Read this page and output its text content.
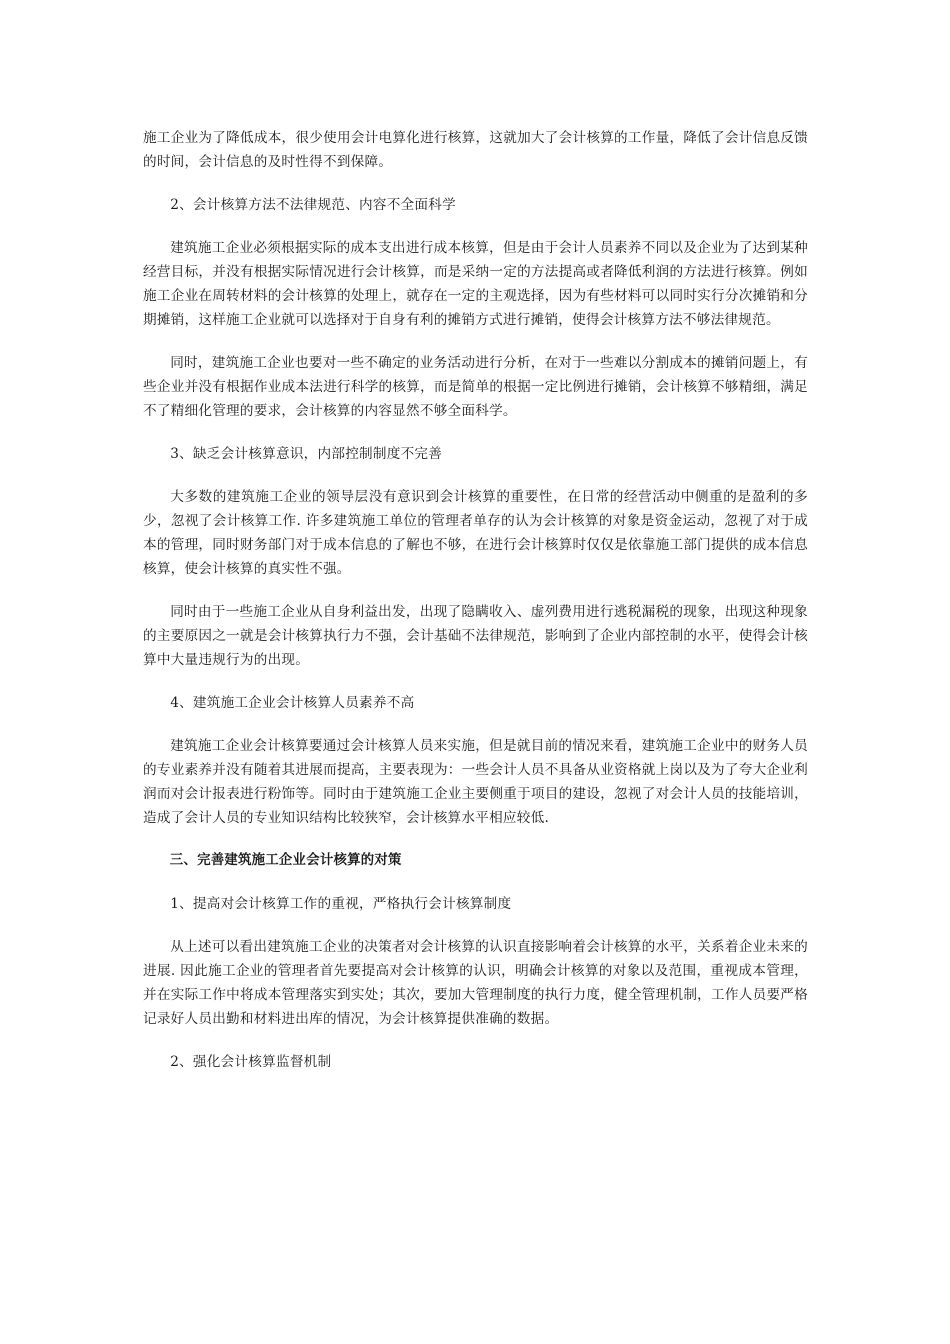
施工企业为了降低成本，很少使用会计电算化进行核算，这就加大了会计核算的工作量，降低了会计信息反馈的时间，会计信息的及时性得不到保障。

2、会计核算方法不法律规范、内容不全面科学

建筑施工企业必须根据实际的成本支出进行成本核算，但是由于会计人员素养不同以及企业为了达到某种经营目标，并没有根据实际情况进行会计核算，而是采纳一定的方法提高或者降低利润的方法进行核算。例如施工企业在周转材料的会计核算的处理上，就存在一定的主观选择，因为有些材料可以同时实行分次摊销和分期摊销，这样施工企业就可以选择对于自身有利的摊销方式进行摊销，使得会计核算方法不够法律规范。

同时，建筑施工企业也要对一些不确定的业务活动进行分析，在对于一些难以分割成本的摊销问题上，有些企业并没有根据作业成本法进行科学的核算，而是简单的根据一定比例进行摊销，会计核算不够精细，满足不了精细化管理的要求，会计核算的内容显然不够全面科学。

3、缺乏会计核算意识，内部控制制度不完善

大多数的建筑施工企业的领导层没有意识到会计核算的重要性，在日常的经营活动中侧重的是盈利的多少，忽视了会计核算工作. 许多建筑施工单位的管理者单存的认为会计核算的对象是资金运动，忽视了对于成本的管理，同时财务部门对于成本信息的了解也不够，在进行会计核算时仅仅是依靠施工部门提供的成本信息核算，使会计核算的真实性不强。

同时由于一些施工企业从自身利益出发，出现了隐瞒收入、虚列费用进行逃税漏税的现象，出现这种现象的主要原因之一就是会计核算执行力不强，会计基础不法律规范，影响到了企业内部控制的水平，使得会计核算中大量违规行为的出现。

4、建筑施工企业会计核算人员素养不高

建筑施工企业会计核算要通过会计核算人员来实施，但是就目前的情况来看，建筑施工企业中的财务人员的专业素养并没有随着其进展而提高，主要表现为：一些会计人员不具备从业资格就上岗以及为了夸大企业利润而对会计报表进行粉饰等。同时由于建筑施工企业主要侧重于项目的建设，忽视了对会计人员的技能培训，造成了会计人员的专业知识结构比较狭窄，会计核算水平相应较低.

三、完善建筑施工企业会计核算的对策

1、提高对会计核算工作的重视，严格执行会计核算制度

从上述可以看出建筑施工企业的决策者对会计核算的认识直接影响着会计核算的水平，关系着企业未来的进展. 因此施工企业的管理者首先要提高对会计核算的认识，明确会计核算的对象以及范围，重视成本管理，并在实际工作中将成本管理落实到实处；其次，要加大管理制度的执行力度，健全管理机制，工作人员要严格记录好人员出勤和材料进出库的情况，为会计核算提供准确的数据。

2、强化会计核算监督机制
